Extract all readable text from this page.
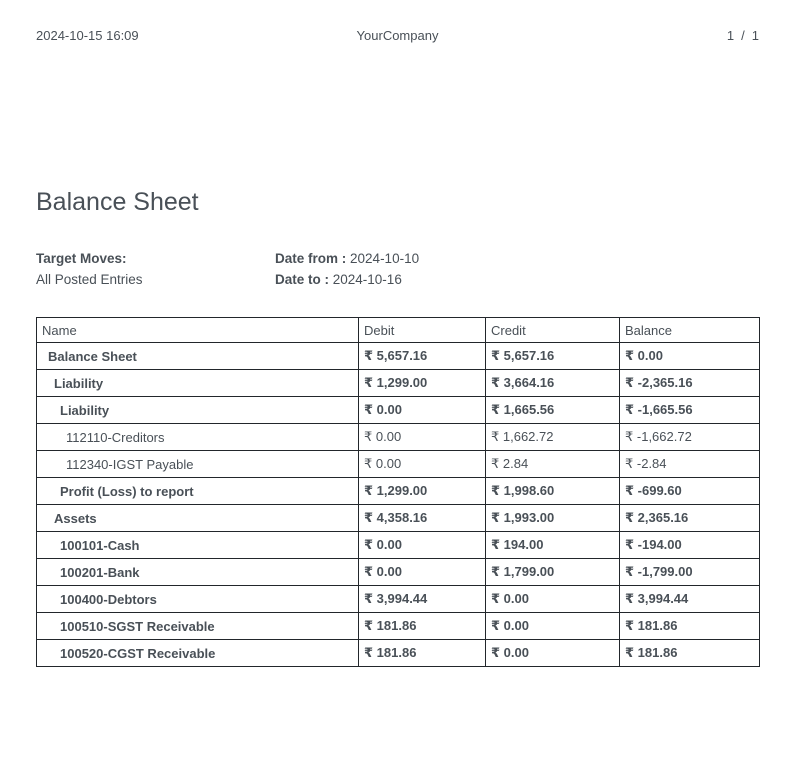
2024-10-15 16:09	YourCompany	1 / 1
Balance Sheet
Target Moves:	Date from : 2024-10-10
All Posted Entries	Date to : 2024-10-16
Name	Debit	Credit	Balance
Balance Sheet	₹ 5,657.16	₹ 5,657.16	₹ 0.00
Liability	₹ 1,299.00	₹ 3,664.16	₹ -2,365.16
Liability	₹ 0.00	₹ 1,665.56	₹ -1,665.56
112110-Creditors	₹ 0.00	₹ 1,662.72	₹ -1,662.72
112340-IGST Payable	₹ 0.00	₹ 2.84	₹ -2.84
Profit (Loss) to report	₹ 1,299.00	₹ 1,998.60	₹ -699.60
Assets	₹ 4,358.16	₹ 1,993.00	₹ 2,365.16
100101-Cash	₹ 0.00	₹ 194.00	₹ -194.00
100201-Bank	₹ 0.00	₹ 1,799.00	₹ -1,799.00
100400-Debtors	₹ 3,994.44	₹ 0.00	₹ 3,994.44
100510-SGST Receivable	₹ 181.86	₹ 0.00	₹ 181.86
100520-CGST Receivable	₹ 181.86	₹ 0.00	₹ 181.86
